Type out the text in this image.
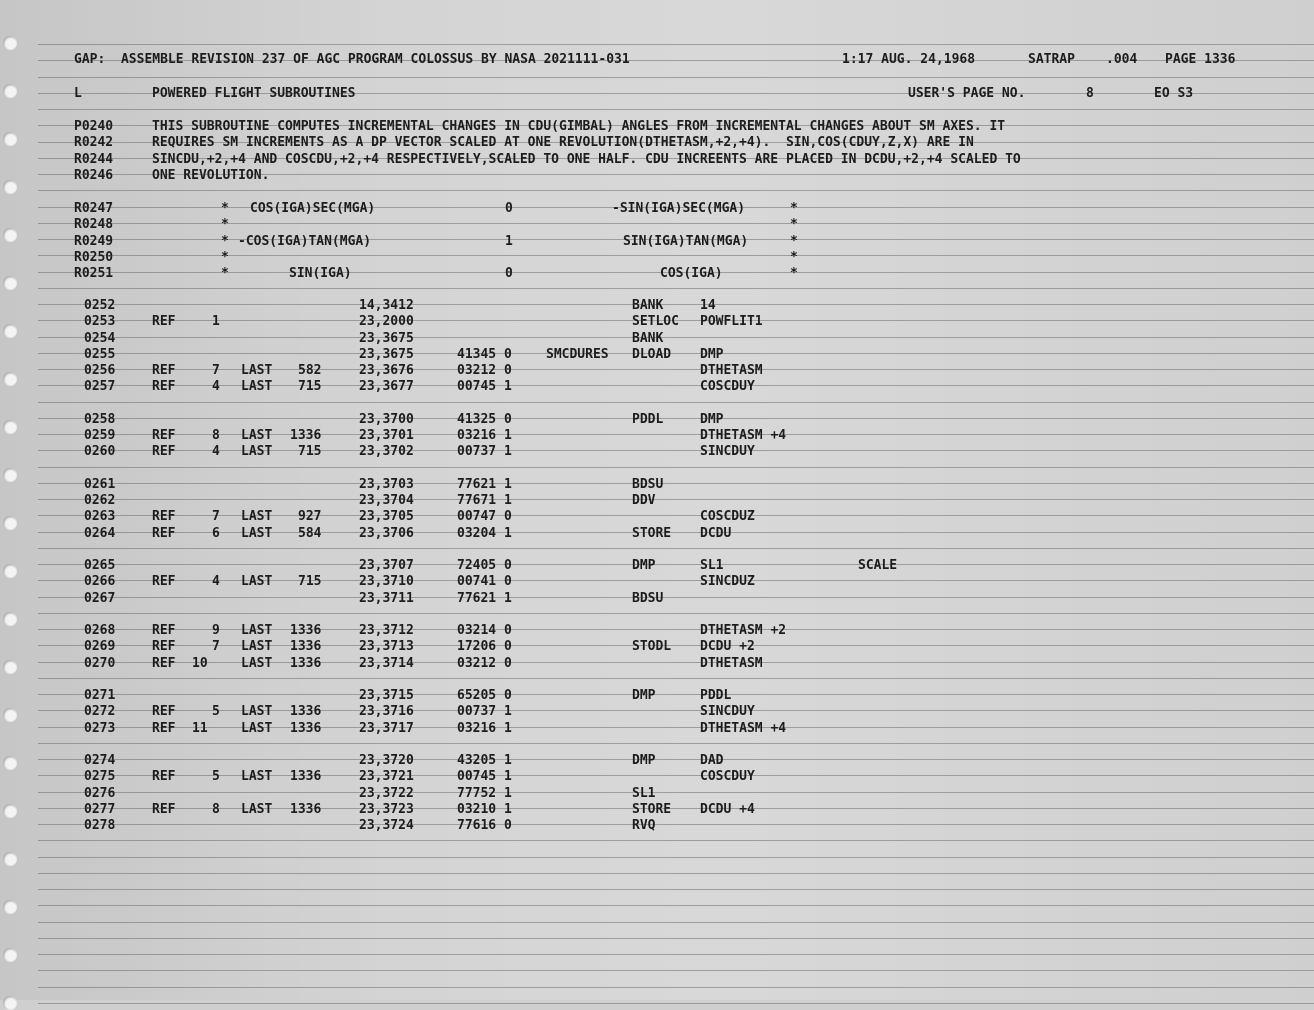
GAP:  ASSEMBLE REVISION 237 OF AGC PROGRAM COLOSSUS BY NASA 2021111-031

	1:17 AUG. 24,1968

	SATRAP

.004

PAGE 1336

L

	POWERED FLIGHT SUBROUTINES

	USER'S PAGE NO.

	8

	EO S3

P0240	THIS SUBROUTINE COMPUTES INCREMENTAL CHANGES IN CDU(GIMBAL) ANGLES FROM INCREMENTAL CHANGES ABOUT SM AXES. IT
R0242	REQUIRES SM INCREMENTS AS A DP VECTOR SCALED AT ONE REVOLUTION(DTHETASM,+2,+4).  SIN,COS(CDUY,Z,X) ARE IN
R0244	SINCDU,+2,+4 AND COSCDU,+2,+4 RESPECTIVELY,SCALED TO ONE HALF. CDU INCREENTS ARE PLACED IN DCDU,+2,+4 SCALED TO
R0246	ONE REVOLUTION.
R0247	* COS(IGA)SEC(MGA)	0	-SIN(IGA)SEC(MGA)	*
R0248	*	*
R0249	* -COS(IGA)TAN(MGA)	1	SIN(IGA)TAN(MGA)	*
R0250	*	*
R0251	*	SIN(IGA)	0	COS(IGA)	*
0252	14,3412	BANK	14
0253	REF	1	23,2000	SETLOC POWFLIT1
0254	23,3675	BANK
0255	23,3675	41345 0	SMCDURES DLOAD DMP
0256	REF	7 LAST 582	23,3676	03212 0	DTHETASM
0257	REF	4 LAST 715	23,3677	00745 1	COSCDUY
0258	23,3700	41325 0	PDDL	DMP
0259	REF	8 LAST 1336	23,3701	03216 1	DTHETASM +4
0260	REF	4 LAST 715	23,3702	00737 1	SINCDUY
0261	23,3703	77621 1	BDSU
0262	23,3704	77671 1	DDV
0263	REF	7 LAST 927	23,3705	00747 0	COSCDUZ
0264	REF	6 LAST 584	23,3706	03204 1	STORE DCDU
0265	23,3707	72405 0	DMP	SL1	SCALE
0266	REF	4 LAST 715	23,3710	00741 0	SINCDUZ
0267	23,3711	77621 1	BDSU
0268	REF	9 LAST 1336	23,3712	03214 0	DTHETASM +2
0269	REF	7 LAST 1336	23,3713	17206 0	STODL DCDU +2
0270	REF 10	LAST 1336	23,3714	03212 0	DTHETASM
0271	23,3715	65205 0	DMP	PDDL
0272	REF	5 LAST 1336	23,3716	00737 1	SINCDUY
0273	REF 11	LAST 1336	23,3717	03216 1	DTHETASM +4
0274	23,3720	43205 1	DMP	DAD
0275	REF	5 LAST 1336	23,3721	00745 1	COSCDUY
0276	23,3722	77752 1	SL1
0277	REF	8 LAST 1336	23,3723	03210 1	STORE DCDU +4
0278	23,3724	77616 0	RVQ
